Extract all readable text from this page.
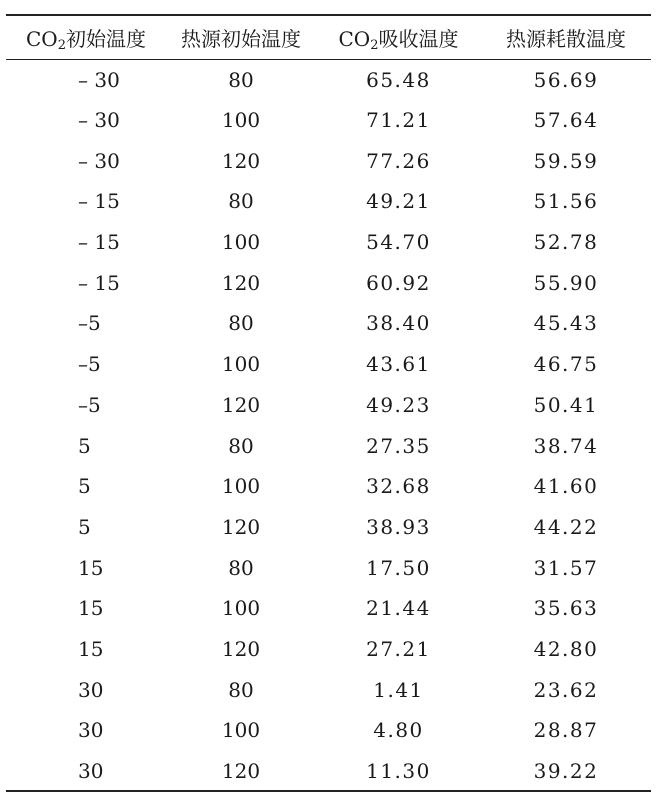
$CO_2$初始温度	热源初始温度	$CO_2$吸收温度	热源耗散温度
– 30	80	65.48	56.69
– 30	100	71.21	57.64
– 30	120	77.26	59.59
– 15	80	49.21	51.56
– 15	100	54.70	52.78
– 15	120	60.92	55.90
–5	80	38.40	45.43
–5	100	43.61	46.75
–5	120	49.23	50.41
5	80	27.35	38.74
5	100	32.68	41.60
5	120	38.93	44.22
15	80	17.50	31.57
15	100	21.44	35.63
15	120	27.21	42.80
30	80	1.41	23.62
30	100	4.80	28.87
30	120	11.30	39.22
